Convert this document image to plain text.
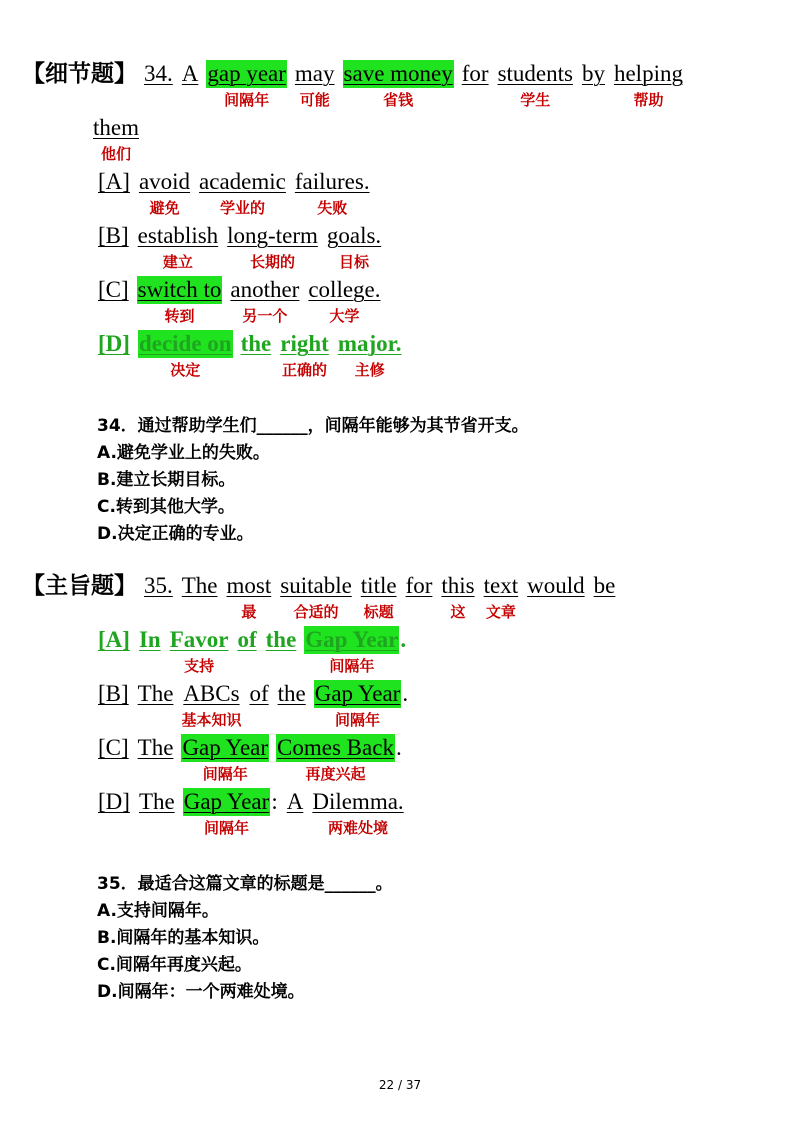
【细节题】 34. A gap year
间隔年
may
可能
save money
省钱
for students
学生
by helping
帮助
them
他们
[A] avoid
避免
academic
学业的
failures.
失败
[B] establish
建立
long-term
长期的
goals.
目标
[C] switch to
转到
another
另一个
college.
大学
[D] decide on
决定
the right
正确的
major.
主修
34．通过帮助学生们______，间隔年能够为其节省开支。
A.避免学业上的失败。
B.建立长期目标。
C.转到其他大学。
D.决定正确的专业。
【主旨题】 35. The most
最
suitable
合适的
title
标题
for this
这
text
文章
would be
[A] In Favor
支持
of the Gap Year
间隔年
.
[B] The ABCs
基本知识
of the Gap Year
间隔年
.
[C] The Gap Year
间隔年
Comes Back
再度兴起
.
[D] The Gap Year
间隔年
: A Dilemma.
两难处境
35．最适合这篇文章的标题是______。
A.支持间隔年。
B.间隔年的基本知识。
C.间隔年再度兴起。
D.间隔年：一个两难处境。
22 / 37
